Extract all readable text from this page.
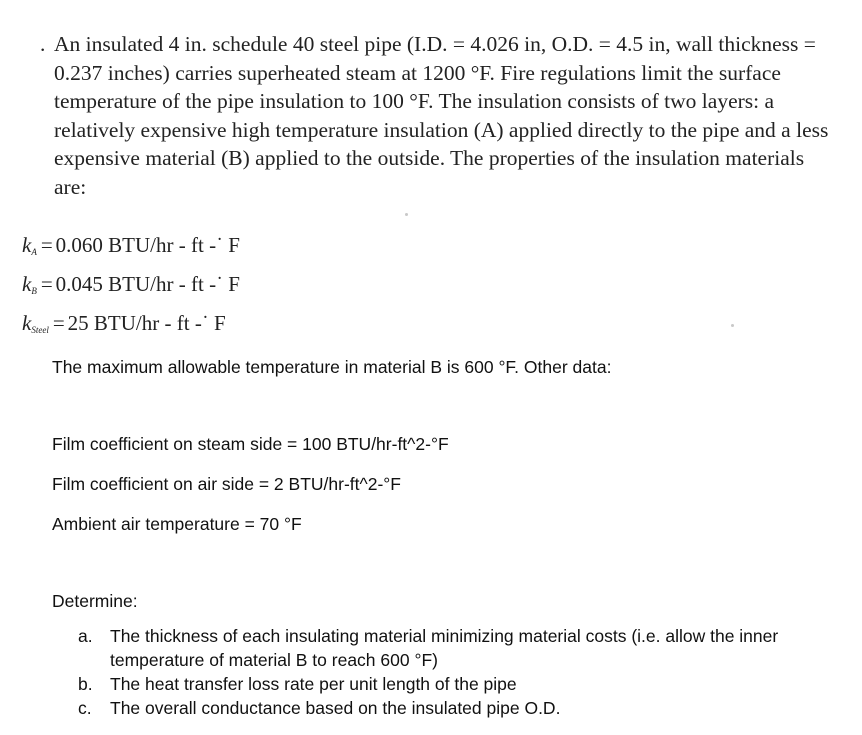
. An insulated 4 in. schedule 40 steel pipe (I.D. = 4.026 in, O.D. = 4.5 in, wall thickness = 0.237 inches) carries superheated steam at 1200 °F. Fire regulations limit the surface temperature of the pipe insulation to 100 °F. The insulation consists of two layers: a relatively expensive high temperature insulation (A) applied directly to the pipe and a less expensive material (B) applied to the outside. The properties of the insulation materials are:
$k_A = 0.060$ BTU/hr - ft -˙ F
$k_B = 0.045$ BTU/hr - ft -˙ F
$k_{Steel} = 25$ BTU/hr - ft -˙ F
The maximum allowable temperature in material B is 600 °F. Other data:
Film coefficient on steam side = 100 BTU/hr-ft^2-°F
Film coefficient on air side = 2 BTU/hr-ft^2-°F
Ambient air temperature = 70 °F
Determine:
a. The thickness of each insulating material minimizing material costs (i.e. allow the inner temperature of material B to reach 600 °F)
b. The heat transfer loss rate per unit length of the pipe
c. The overall conductance based on the insulated pipe O.D.
